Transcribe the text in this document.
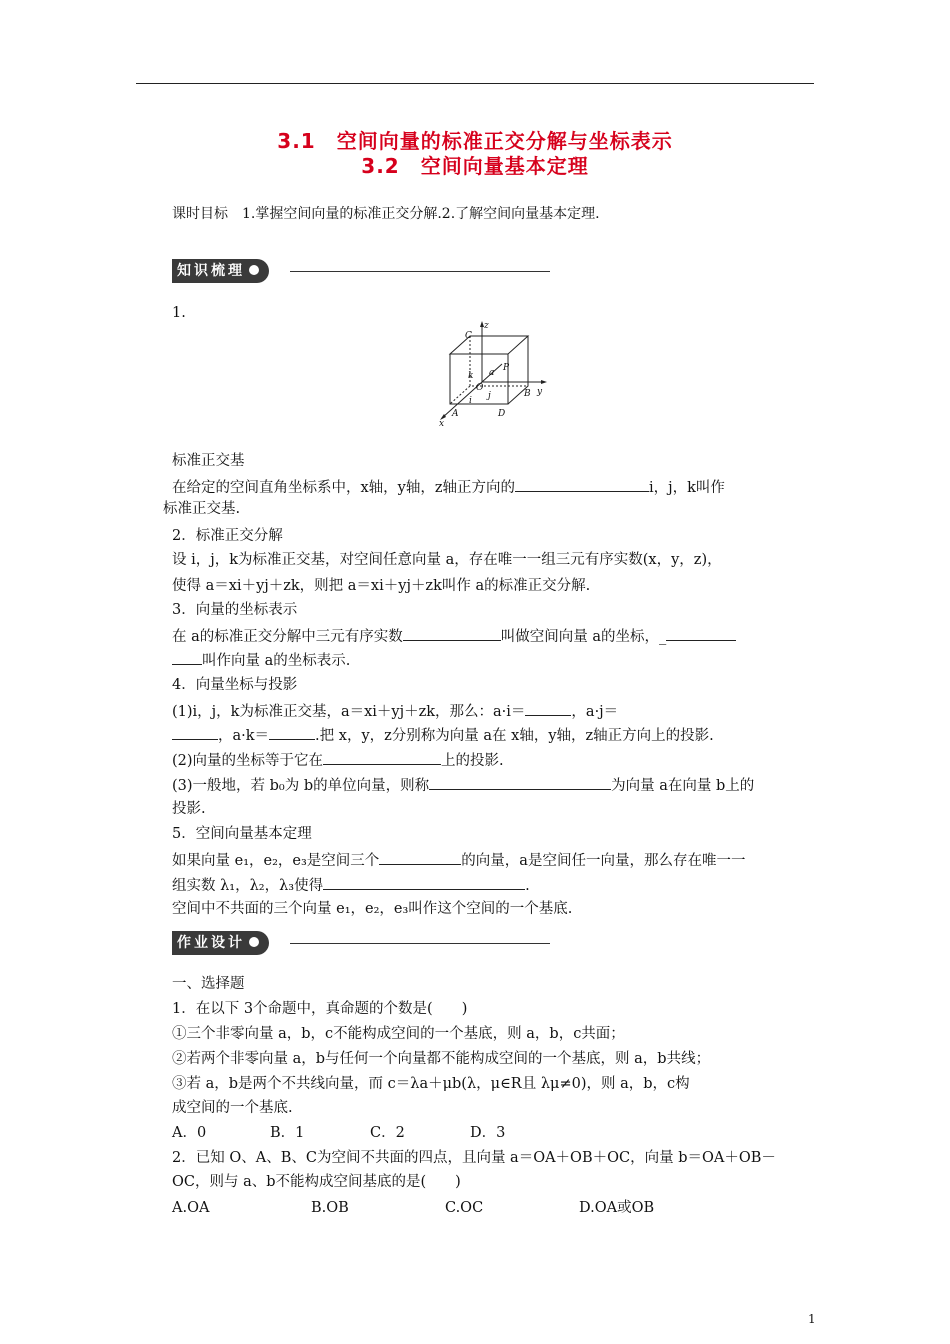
3.1　空间向量的标准正交分解与坐标表示
3.2　空间向量基本定理
课时目标　1.掌握空间向量的标准正交分解.2.了解空间向量基本定理.
知识梳理
1.
C
z
P
a
k
O
j	B y
i
A	D
x
标准正交基
在给定的空间直角坐标系中，x轴，y轴，z轴正方向的	i，j，k叫作
标准正交基.
2．标准正交分解
设 i，j，k为标准正交基，对空间任意向量 a，存在唯一一组三元有序实数(x，y，z)，
使得 a＝xi＋yj＋zk，则把 a＝xi＋yj＋zk叫作 a的标准正交分解.
3．向量的坐标表示
在 a的标准正交分解中三元有序实数	叫做空间向量 a的坐标，_
叫作向量 a的坐标表示.
4．向量坐标与投影
(1)i，j，k为标准正交基，a＝xi＋yj＋zk，那么：a·i＝	，a·j＝
，a·k＝	.把 x，y，z分别称为向量 a在 x轴，y轴，z轴正方向上的投影.
(2)向量的坐标等于它在	上的投影.
(3)一般地，若 b₀为 b的单位向量，则称	为向量 a在向量 b上的
投影.
5．空间向量基本定理
如果向量 e₁，e₂，e₃是空间三个	的向量，a是空间任一向量，那么存在唯一一
组实数 λ₁，λ₂，λ₃使得	.
空间中不共面的三个向量 e₁，e₂，e₃叫作这个空间的一个基底.
作业设计
一、选择题
1．在以下 3个命题中，真命题的个数是(　　)
①三个非零向量 a，b，c不能构成空间的一个基底，则 a，b，c共面；
②若两个非零向量 a，b与任何一个向量都不能构成空间的一个基底，则 a，b共线；
③若 a，b是两个不共线向量，而 c＝λa＋μb(λ，μ∈R且 λμ≠0)，则 a，b，c构
成空间的一个基底.
A．0	B．1	C．2	D．3
2．已知 O、A、B、C为空间不共面的四点，且向量 a＝OA＋OB＋OC，向量 b＝OA＋OB－
OC，则与 a、b不能构成空间基底的是(　　)
A.OA	B.OB	C.OC	D.OA或OB
1
